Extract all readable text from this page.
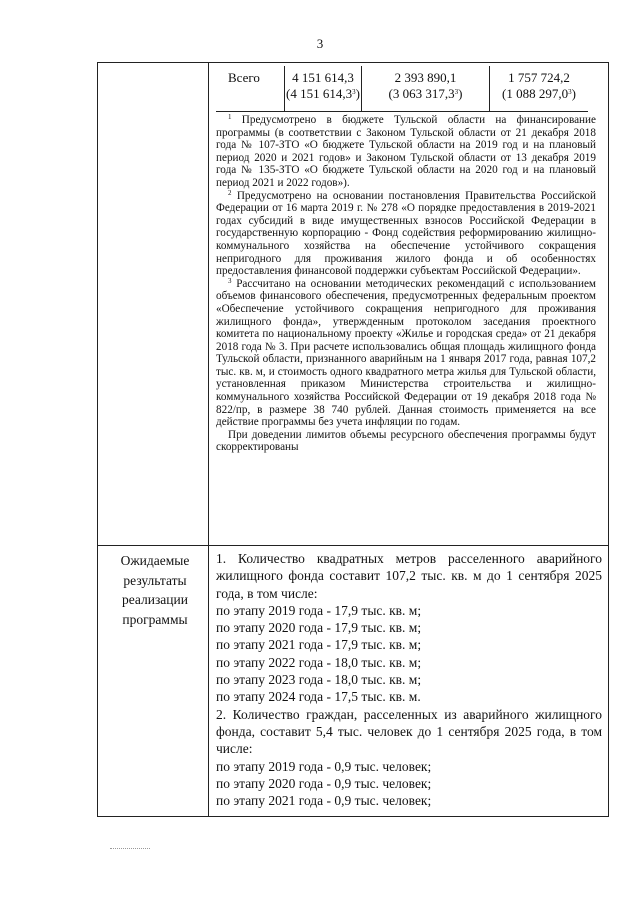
3
Всего	4 151 614,3
(4 151 614,3$^3$)
2 393 890,1
(3 063 317,3$^3$)
1 757 724,2
(1 088 297,0$^3$)

$^1$ Предусмотрено в бюджете Тульской области на финансирование программы (в соответствии с Законом Тульской области от 21 декабря 2018 года № 107-ЗТО «О бюджете Тульской области на 2019 год и на плановый период 2020 и 2021 годов» и Законом Тульской области от 13 декабря 2019 года № 135-ЗТО «О бюджете Тульской области на 2020 год и на плановый период 2021 и 2022 годов»).

$^2$ Предусмотрено на основании постановления Правительства Российской Федерации от 16 марта 2019 г. № 278 «О порядке предоставления в 2019-2021 годах субсидий в виде имущественных взносов Российской Федерации в государственную корпорацию - Фонд содействия реформированию жилищно-коммунального хозяйства на обеспечение устойчивого сокращения непригодного для проживания жилого фонда и об особенностях предоставления финансовой поддержки субъектам Российской Федерации».

$^3$ Рассчитано на основании методических рекомендаций с использованием объемов финансового обеспечения, предусмотренных федеральным проектом «Обеспечение устойчивого сокращения непригодного для проживания жилищного фонда», утвержденным протоколом заседания проектного комитета по национальному проекту «Жилье и городская среда» от 21 декабря 2018 года № 3. При расчете использовались общая площадь жилищного фонда Тульской области, признанного аварийным на 1 января 2017 года, равная 107,2 тыс. кв. м, и стоимость одного квадратного метра жилья для Тульской области, установленная приказом Министерства строительства и жилищно-коммунального хозяйства Российской Федерации от 19 декабря 2018 года № 822/пр, в размере 38 740 рублей. Данная стоимость применяется на все действие программы без учета инфляции по годам.

При доведении лимитов объемы ресурсного обеспечения программы будут скорректированы

Ожидаемые результаты реализации программы

1. Количество квадратных метров расселенного аварийного жилищного фонда составит 107,2 тыс. кв. м до 1 сентября 2025 года, в том числе:

по этапу 2019 года - 17,9 тыс. кв. м;

по этапу 2020 года - 17,9 тыс. кв. м;

по этапу 2021 года - 17,9 тыс. кв. м;

по этапу 2022 года - 18,0 тыс. кв. м;

по этапу 2023 года - 18,0 тыс. кв. м;

по этапу 2024 года - 17,5 тыс. кв. м.

2. Количество граждан, расселенных из аварийного жилищного фонда, составит 5,4 тыс. человек до 1 сентября 2025 года, в том числе:

по этапу 2019 года - 0,9 тыс. человек;

по этапу 2020 года - 0,9 тыс. человек;

по этапу 2021 года - 0,9 тыс. человек;
